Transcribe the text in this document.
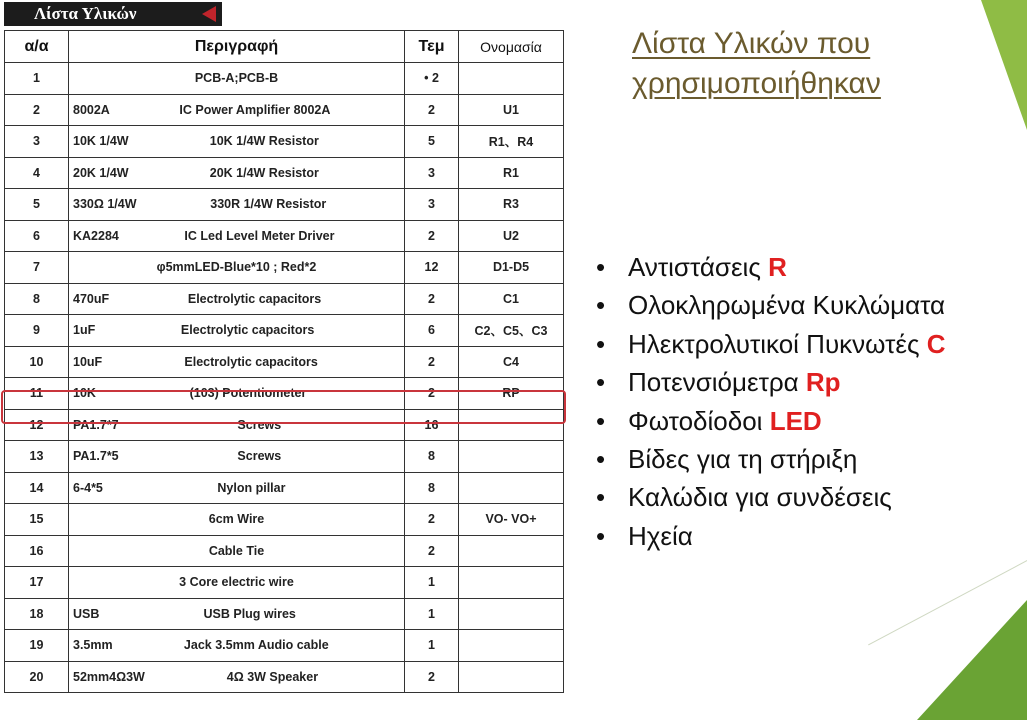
Λίστα Υλικών
α/α	Περιγραφή	Τεμ	Ονομασία
1	PCB-A;PCB-B	• 2	
2	8002A IC Power Amplifier 8002A	2	U1
3	10K 1/4W 10K 1/4W Resistor	5	R1、R4
4	20K 1/4W 20K 1/4W Resistor	3	R1
5	330Ω 1/4W 330R 1/4W Resistor	3	R3
6	KA2284 IC Led Level Meter Driver	2	U2
7	φ5mmLED-Blue*10 ; Red*2	12	D1-D5
8	470uF Electrolytic capacitors	2	C1
9	1uF Electrolytic capacitors	6	C2、C5、C3
10	10uF Electrolytic capacitors	2	C4
11	10K (103) Potentiometer	2	RP
12	PA1.7*7 Screws	16	
13	PA1.7*5 Screws	8	
14	6-4*5 Nylon pillar	8	
15	6cm Wire	2	VO- VO+
16	Cable Tie	2	
17	3 Core electric wire	1	
18	USB USB Plug wires	1	
19	3.5mm Jack 3.5mm Audio cable	1	
20	52mm4Ω3W 4Ω 3W Speaker	2	
Λίστα Υλικών που
χρησιμοποιήθηκαν
• Αντιστάσεις R
• Ολοκληρωμένα Κυκλώματα
• Ηλεκτρολυτικοί Πυκνωτές C
• Ποτενσιόμετρα Rp
• Φωτοδίοδοι LED
• Βίδες για τη στήριξη
• Καλώδια για συνδέσεις
• Ηχεία
